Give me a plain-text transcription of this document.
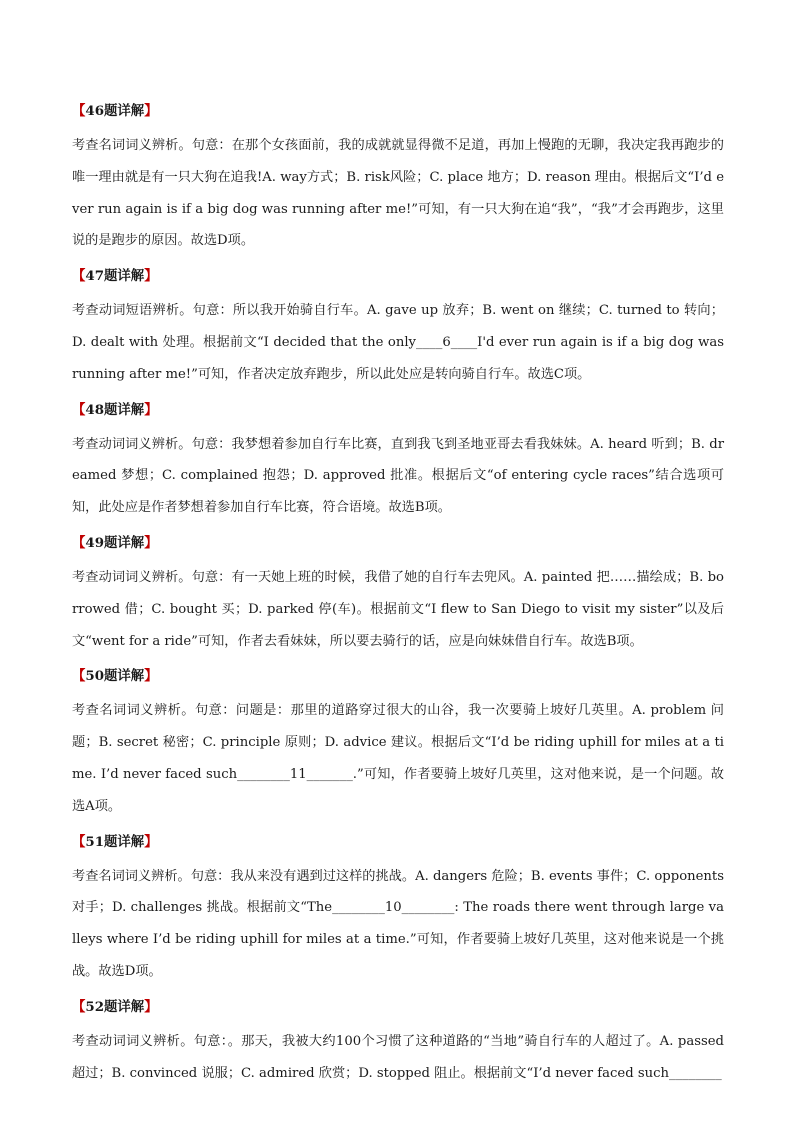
【46题详解】
考查名词词义辨析。句意：在那个女孩面前，我的成就就显得微不足道，再加上慢跑的无聊，我决定我再跑步的唯一理由就是有一只大狗在追我!A. way方式；B. risk风险；C. place 地方；D. reason 理由。根据后文“I’d ever run again is if a big dog was running after me!”可知，有一只大狗在追“我”，“我”才会再跑步，这里说的是跑步的原因。故选D项。
【47题详解】
考查动词短语辨析。句意：所以我开始骑自行车。A. gave up 放弃；B. went on 继续；C. turned to 转向；D. dealt with 处理。根据前文“I decided that the only____6____I'd ever run again is if a big dog was running after me!”可知，作者决定放弃跑步，所以此处应是转向骑自行车。故选C项。
【48题详解】
考查动词词义辨析。句意：我梦想着参加自行车比赛，直到我飞到圣地亚哥去看我妹妹。A. heard 听到；B. dreamed 梦想；C. complained 抱怨；D. approved 批准。根据后文“of entering cycle races”结合选项可知，此处应是作者梦想着参加自行车比赛，符合语境。故选B项。
【49题详解】
考查动词词义辨析。句意：有一天她上班的时候，我借了她的自行车去兜风。A. painted 把……描绘成；B. borrowed 借；C. bought 买；D. parked 停(车)。根据前文“I flew to San Diego to visit my sister”以及后文“went for a ride”可知，作者去看妹妹，所以要去骑行的话，应是向妹妹借自行车。故选B项。
【50题详解】
考查名词词义辨析。句意：问题是：那里的道路穿过很大的山谷，我一次要骑上坡好几英里。A. problem 问题；B. secret 秘密；C. principle 原则；D. advice 建议。根据后文“I’d be riding uphill for miles at a time. I’d never faced such________11_______.”可知，作者要骑上坡好几英里，这对他来说，是一个问题。故选A项。
【51题详解】
考查名词词义辨析。句意：我从来没有遇到过这样的挑战。A. dangers 危险；B. events 事件；C. opponents 对手；D. challenges 挑战。根据前文“The________10________: The roads there went through large valleys where I’d be riding uphill for miles at a time.”可知，作者要骑上坡好几英里，这对他来说是一个挑战。故选D项。
【52题详解】
考查动词词义辨析。句意：。那天，我被大约100个习惯了这种道路的“当地”骑自行车的人超过了。A. passed 超过；B. convinced 说服；C. admired 欣赏；D. stopped 阻止。根据前文“I’d never faced such________
